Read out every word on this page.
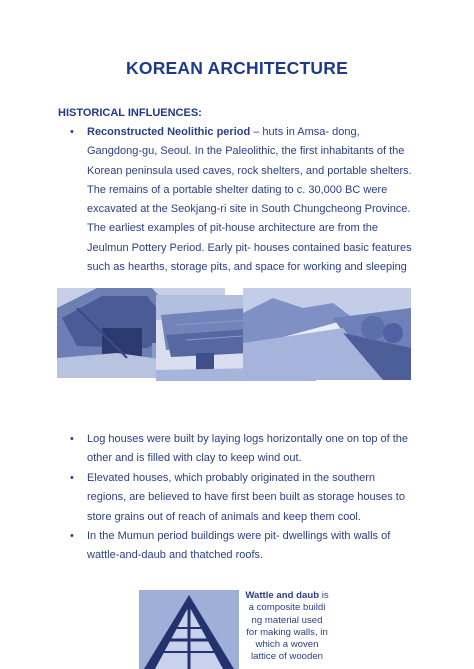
KOREAN ARCHITECTURE
HISTORICAL INFLUENCES:
• Reconstructed Neolithic period – huts in Amsa- dong,
Gangdong-gu, Seoul. In the Paleolithic, the first inhabitants of the
Korean peninsula used caves, rock shelters, and portable shelters.
The remains of a portable shelter dating to c. 30,000 BC were
excavated at the Seokjang-ri site in South Chungcheong Province.
The earliest examples of pit-house architecture are from the
Jeulmun Pottery Period. Early pit- houses contained basic features
such as hearths, storage pits, and space for working and sleeping
• Log houses were built by laying logs horizontally one on top of the
other and is filled with clay to keep wind out.
• Elevated houses, which probably originated in the southern
regions, are believed to have first been built as storage houses to
store grains out of reach of animals and keep them cool.
• In the Mumun period buildings were pit- dwellings with walls of
wattle-and-daub and thatched roofs.
Wattle and daub is
a composite buildi
ng material used
for making walls, in
which a woven
lattice of wooden
